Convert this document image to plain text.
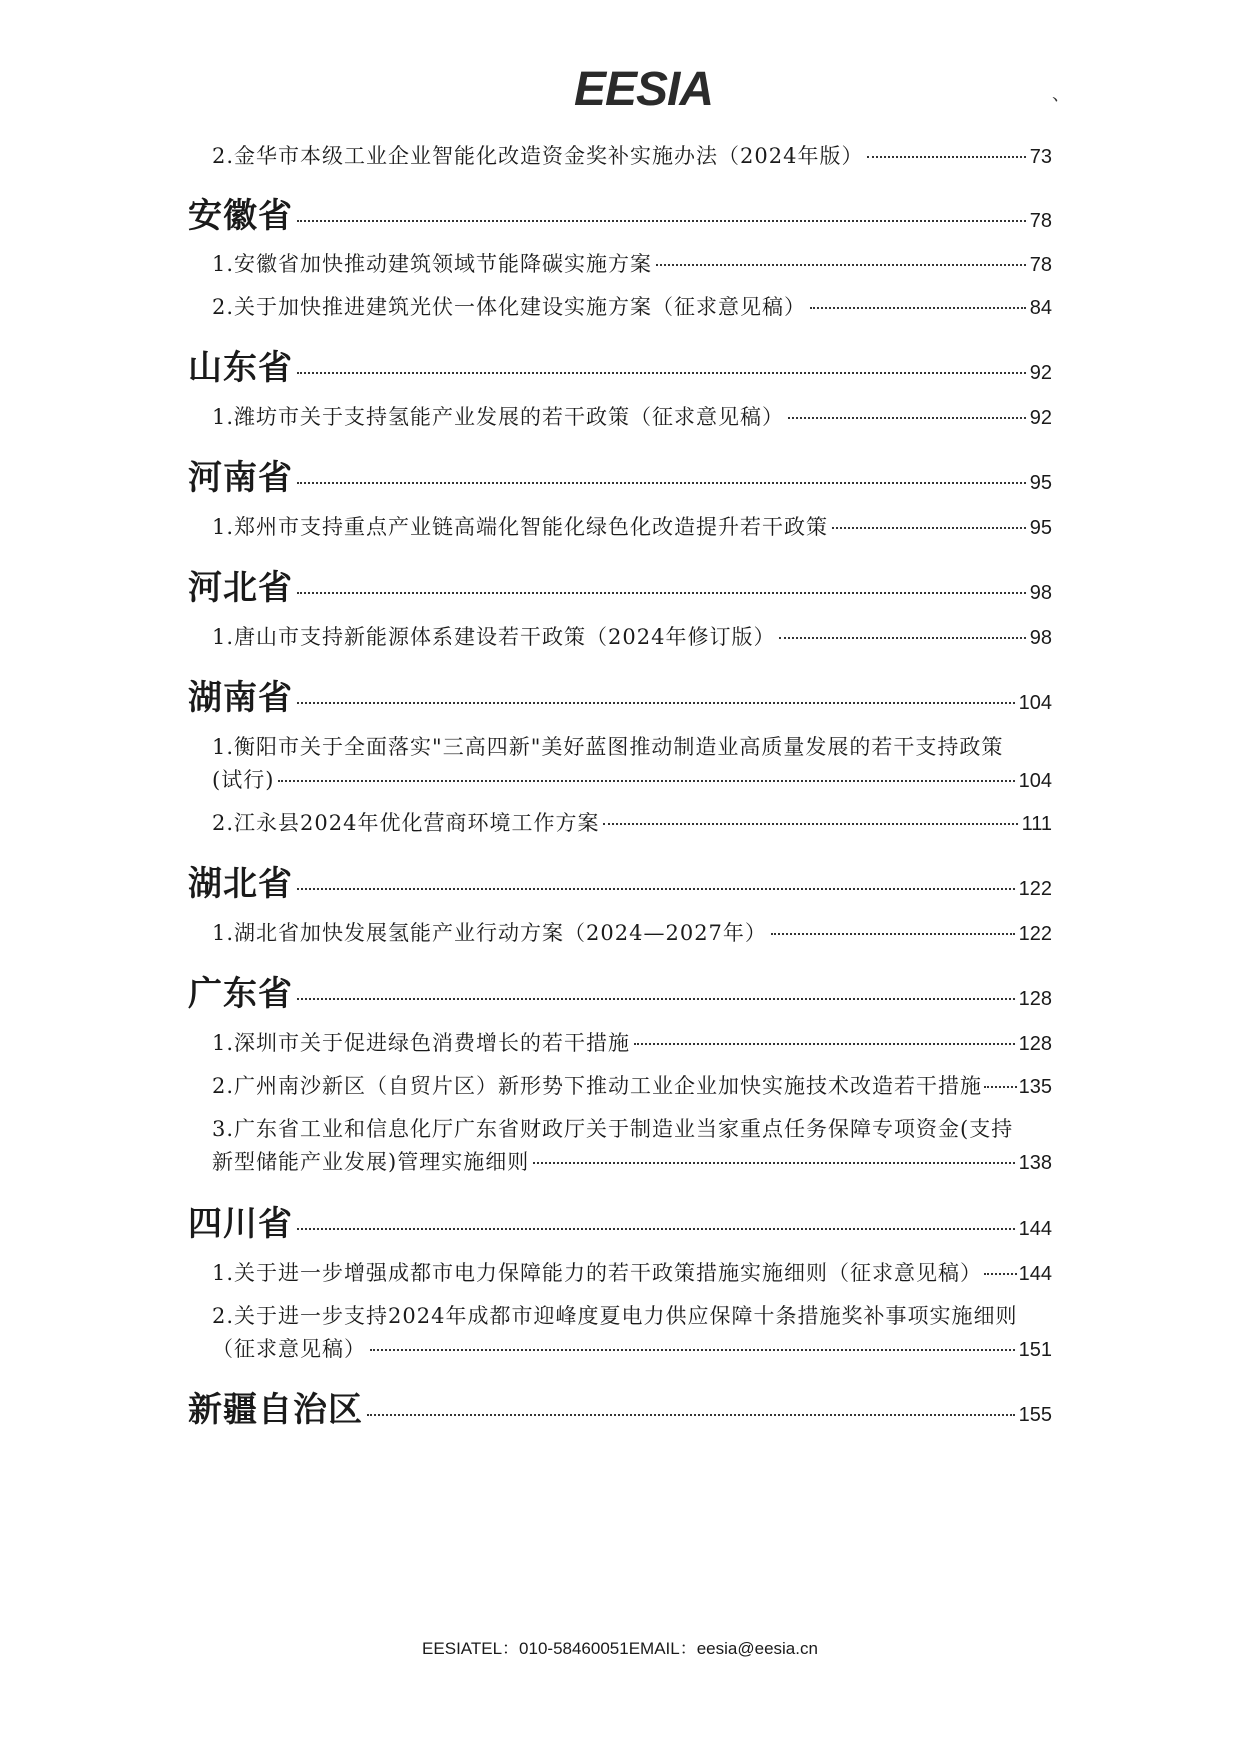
EESIA	、
2.金华市本级工业企业智能化改造资金奖补实施办法（2024年版）	73
安徽省	78
1.安徽省加快推动建筑领域节能降碳实施方案	78
2.关于加快推进建筑光伏一体化建设实施方案（征求意见稿）	84
山东省	92
1.潍坊市关于支持氢能产业发展的若干政策（征求意见稿）	92
河南省	95
1.郑州市支持重点产业链高端化智能化绿色化改造提升若干政策	95
河北省	98
1.唐山市支持新能源体系建设若干政策（2024年修订版）	98
湖南省	104
1.衡阳市关于全面落实"三高四新"美好蓝图推动制造业高质量发展的若干支持政策
(试行)	104
2.江永县2024年优化营商环境工作方案	111
湖北省	122
1.湖北省加快发展氢能产业行动方案（2024—2027年）	122
广东省	128
1.深圳市关于促进绿色消费增长的若干措施	128
2.广州南沙新区（自贸片区）新形势下推动工业企业加快实施技术改造若干措施 135
3.广东省工业和信息化厅广东省财政厅关于制造业当家重点任务保障专项资金(支持
新型储能产业发展)管理实施细则	138
四川省	144
1.关于进一步增强成都市电力保障能力的若干政策措施实施细则（征求意见稿） 144
2.关于进一步支持2024年成都市迎峰度夏电力供应保障十条措施奖补事项实施细则
（征求意见稿）	151
新疆自治区	155
EESIATEL：010-58460051EMAIL：eesia@eesia.cn
